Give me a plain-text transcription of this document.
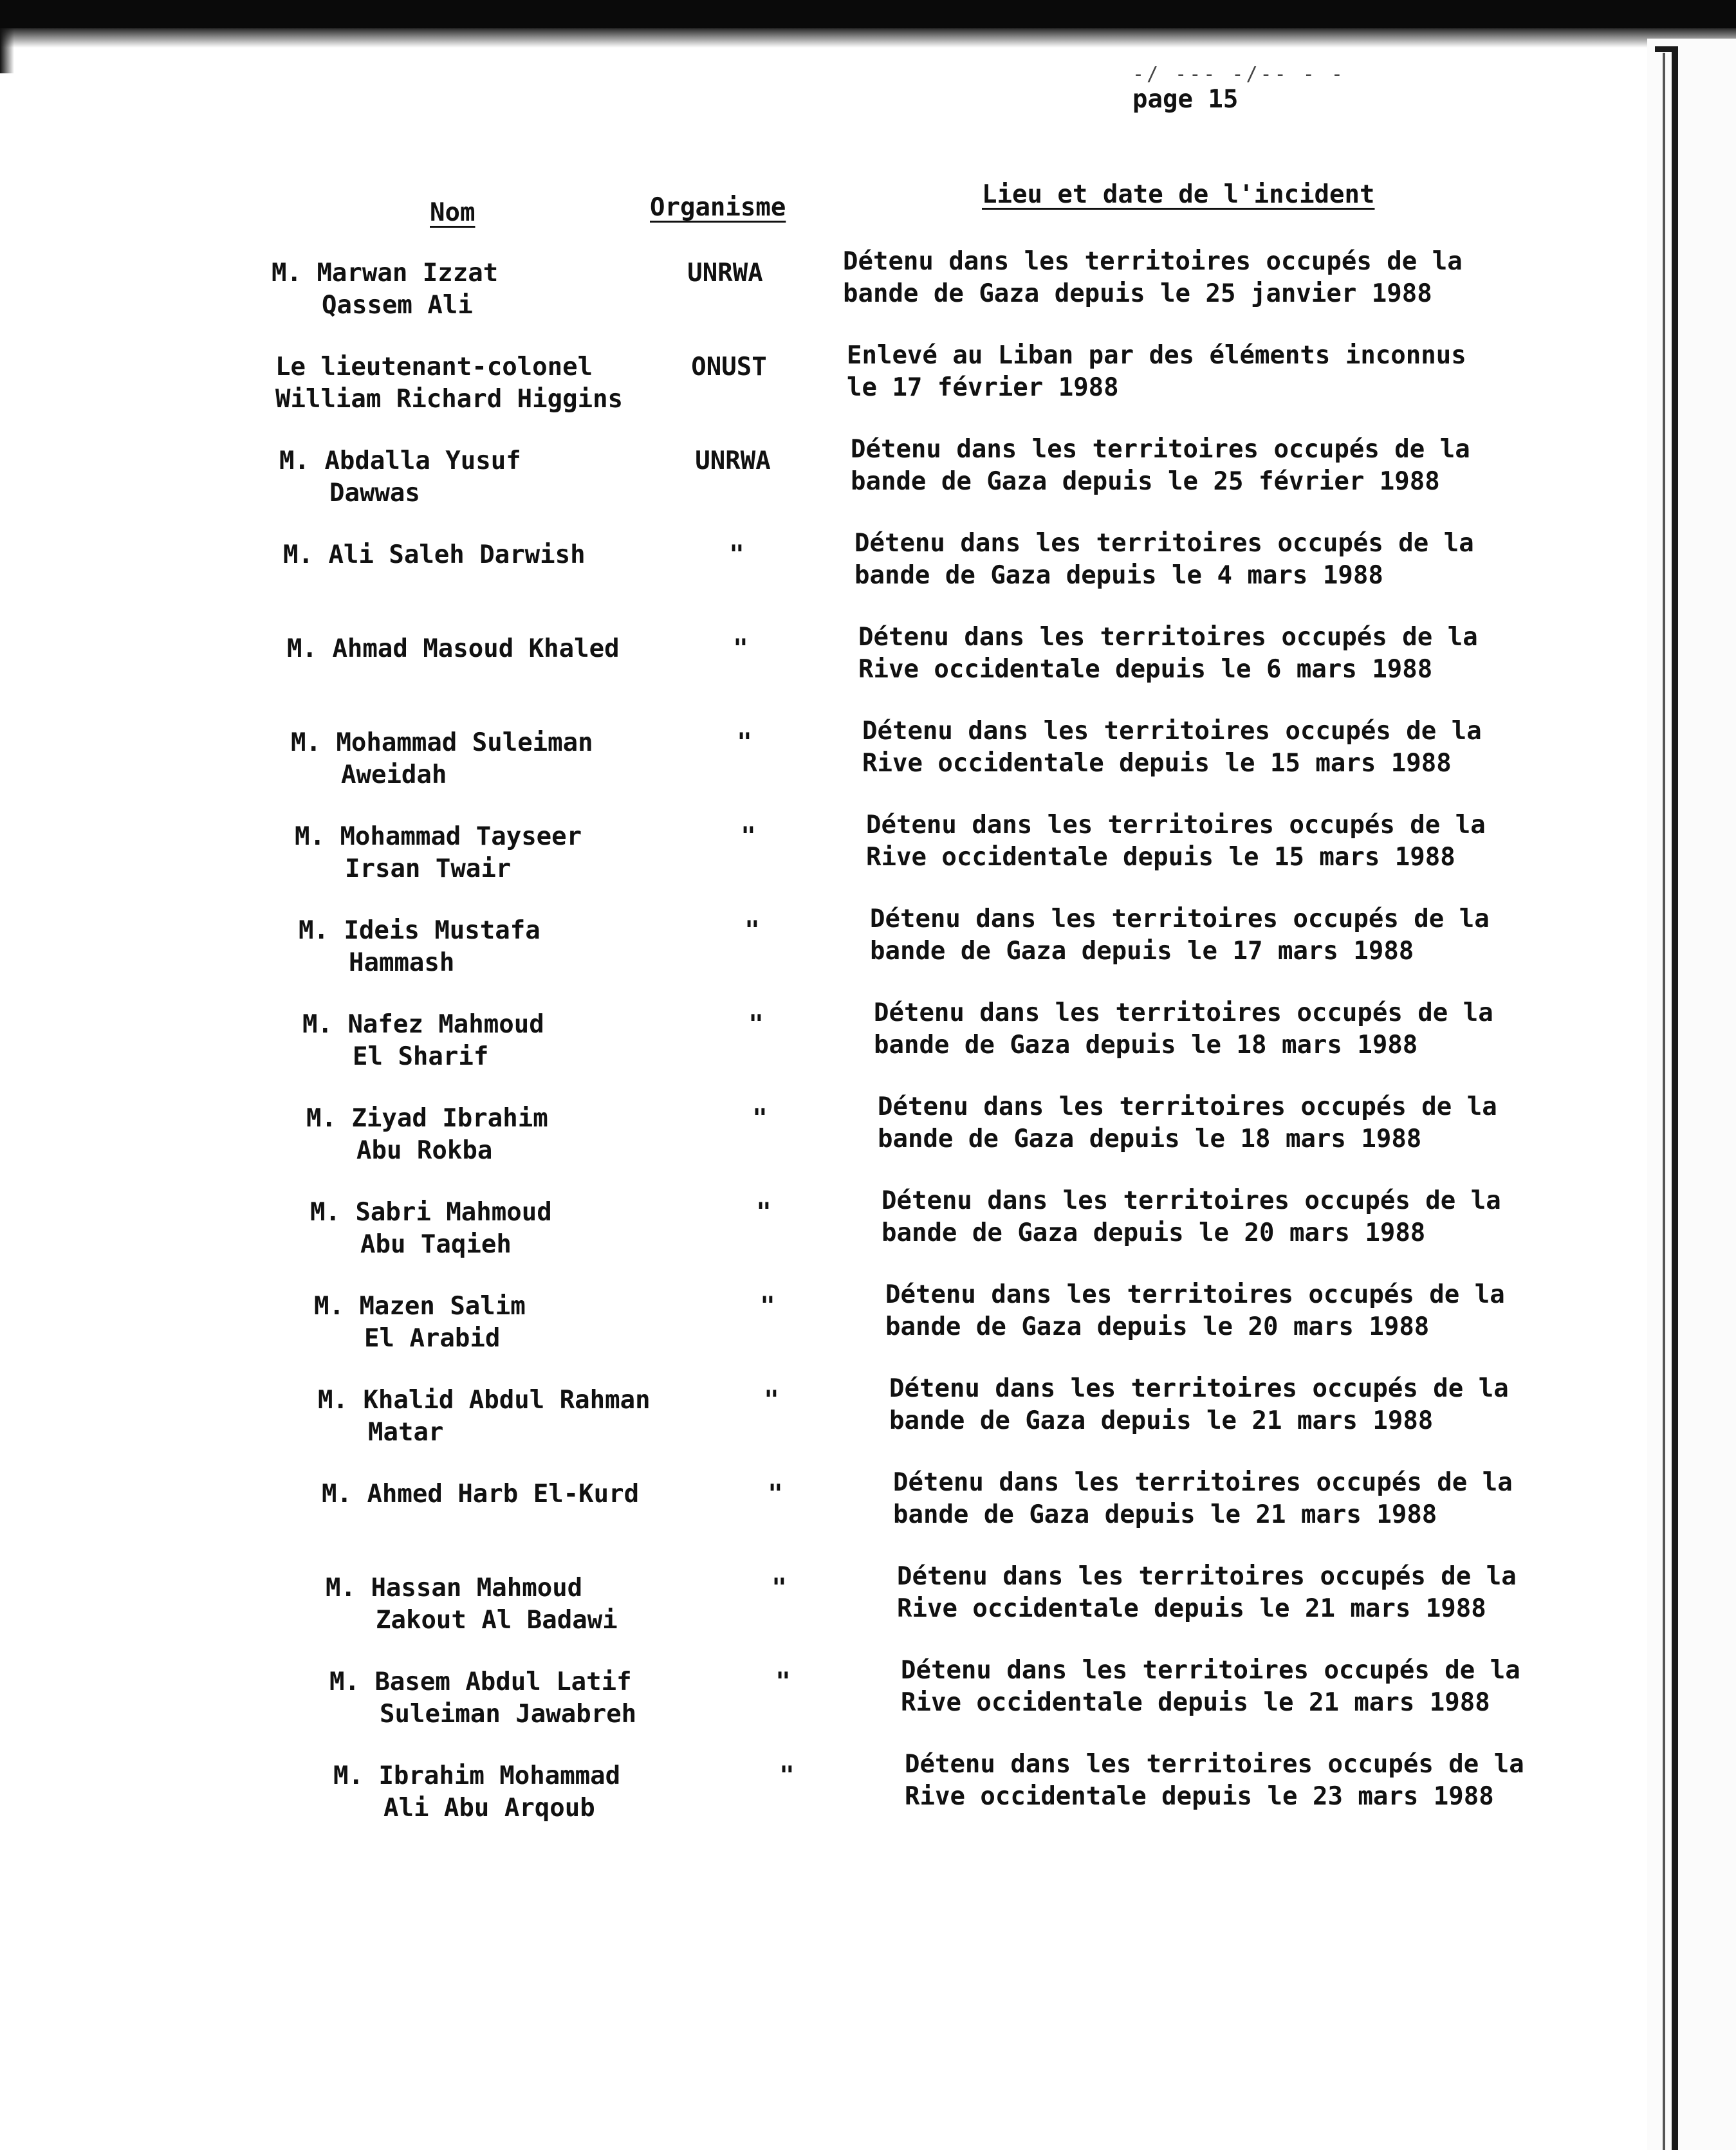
-/ --- -/-- - -
page 15
Nom	Organisme	Lieu et date de l'incident
M. Marwan Izzat
Qassem Ali
UNRWA	Détenu dans les territoires occupés de la
bande de Gaza depuis le 25 janvier 1988
Le lieutenant-colonel
William Richard Higgins
ONUST	Enlevé au Liban par des éléments inconnus
le 17 février 1988
M. Abdalla Yusuf
Dawwas
UNRWA	Détenu dans les territoires occupés de la
bande de Gaza depuis le 25 février 1988
M. Ali Saleh Darwish	"	Détenu dans les territoires occupés de la
bande de Gaza depuis le 4 mars 1988
M. Ahmad Masoud Khaled	"	Détenu dans les territoires occupés de la
Rive occidentale depuis le 6 mars 1988
M. Mohammad Suleiman
Aweidah
"	Détenu dans les territoires occupés de la
Rive occidentale depuis le 15 mars 1988
M. Mohammad Tayseer
Irsan Twair
"	Détenu dans les territoires occupés de la
Rive occidentale depuis le 15 mars 1988
M. Ideis Mustafa
Hammash
"	Détenu dans les territoires occupés de la
bande de Gaza depuis le 17 mars 1988
M. Nafez Mahmoud
El Sharif
"	Détenu dans les territoires occupés de la
bande de Gaza depuis le 18 mars 1988
M. Ziyad Ibrahim
Abu Rokba
"	Détenu dans les territoires occupés de la
bande de Gaza depuis le 18 mars 1988
M. Sabri Mahmoud
Abu Taqieh
"	Détenu dans les territoires occupés de la
bande de Gaza depuis le 20 mars 1988
M. Mazen Salim
El Arabid
"	Détenu dans les territoires occupés de la
bande de Gaza depuis le 20 mars 1988
M. Khalid Abdul Rahman
Matar
"	Détenu dans les territoires occupés de la
bande de Gaza depuis le 21 mars 1988
M. Ahmed Harb El-Kurd	"	Détenu dans les territoires occupés de la
bande de Gaza depuis le 21 mars 1988
M. Hassan Mahmoud
Zakout Al Badawi
"	Détenu dans les territoires occupés de la
Rive occidentale depuis le 21 mars 1988
M. Basem Abdul Latif
Suleiman Jawabreh
"	Détenu dans les territoires occupés de la
Rive occidentale depuis le 21 mars 1988
M. Ibrahim Mohammad
Ali Abu Arqoub
"	Détenu dans les territoires occupés de la
Rive occidentale depuis le 23 mars 1988
